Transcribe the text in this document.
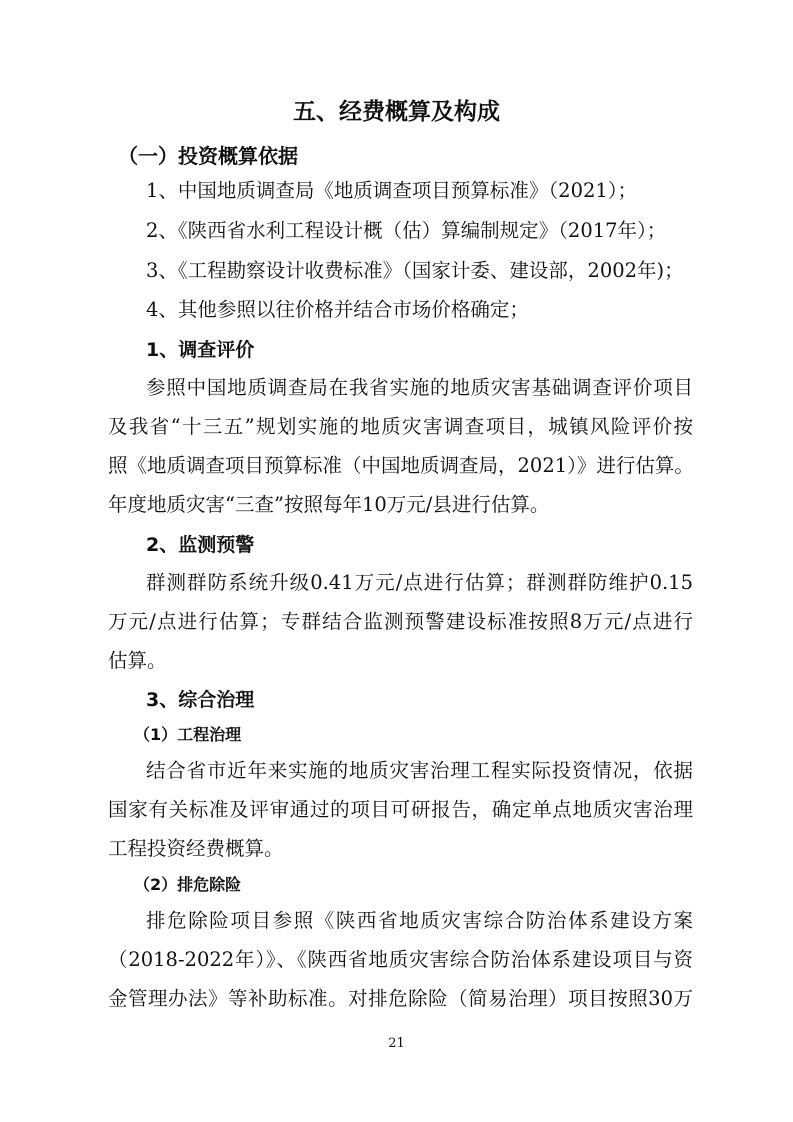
五、经费概算及构成
（一）投资概算依据
1、中国地质调查局《地质调查项目预算标准》（2021）；
2、《陕西省水利工程设计概（估）算编制规定》（2017年）；
3、《工程勘察设计收费标准》（国家计委、建设部，2002年)；
4、其他参照以往价格并结合市场价格确定；
1、调查评价
参照中国地质调查局在我省实施的地质灾害基础调查评价项目
及我省“十三五”规划实施的地质灾害调查项目，城镇风险评价按
照《地质调查项目预算标准（中国地质调查局，2021）》进行估算。
年度地质灾害“三查”按照每年10万元/县进行估算。
2、监测预警
群测群防系统升级0.41万元/点进行估算；群测群防维护0.15
万元/点进行估算；专群结合监测预警建设标准按照8万元/点进行
估算。
3、综合治理
（1）工程治理
结合省市近年来实施的地质灾害治理工程实际投资情况，依据
国家有关标准及评审通过的项目可研报告，确定单点地质灾害治理
工程投资经费概算。
（2）排危除险
排危除险项目参照《陕西省地质灾害综合防治体系建设方案
（2018-2022年）》、《陕西省地质灾害综合防治体系建设项目与资
金管理办法》等补助标准。对排危除险（简易治理）项目按照30万
21
